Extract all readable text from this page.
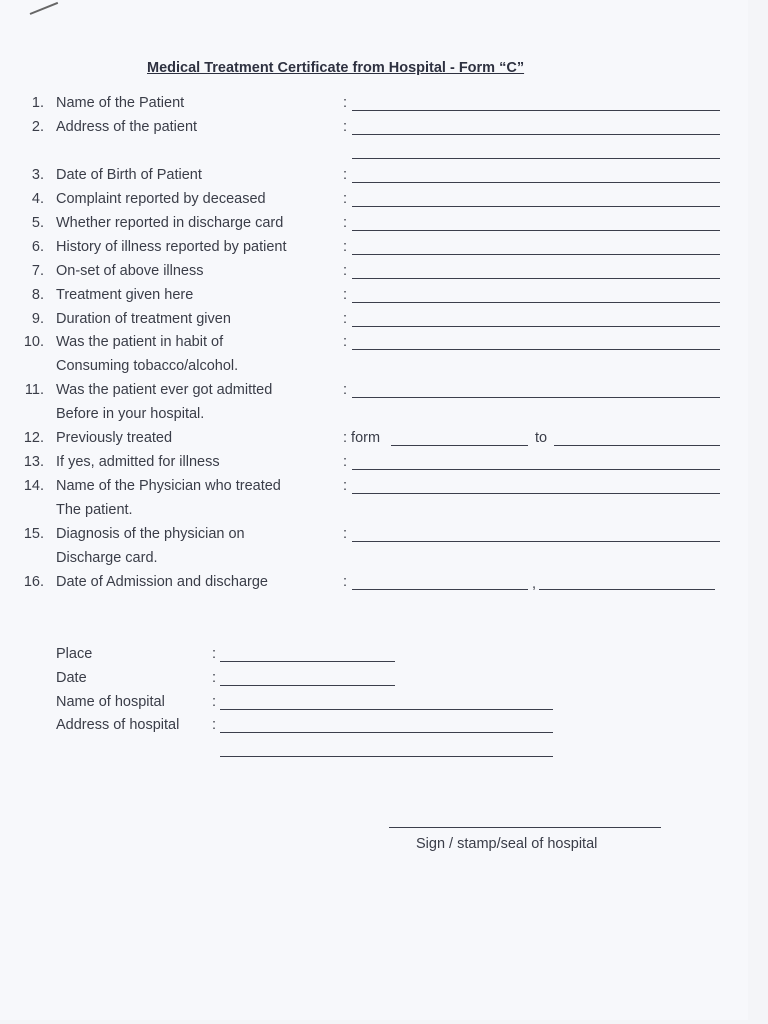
Medical Treatment Certificate from Hospital - Form “C”
1. Name of the Patient	:
2. Address of the patient	:
3. Date of Birth of Patient	:
4. Complaint reported by deceased	:
5. Whether reported in discharge card	:
6. History of illness reported by patient	:
7. On-set of above illness	:
8. Treatment given here	:
9. Duration of treatment given	:
10. Was the patient in habit of
Consuming tobacco/alcohol.
:
11. Was the patient ever got admitted
Before in your hospital.
:
12. Previously treated	: form	to
13. If yes, admitted for illness	:
14. Name of the Physician who treated
The patient.
:
15. Diagnosis of the physician on
Discharge card.
:
16. Date of Admission and discharge	:	,
Place	:
Date	:
Name of hospital	:
Address of hospital :
Sign / stamp/seal of hospital
